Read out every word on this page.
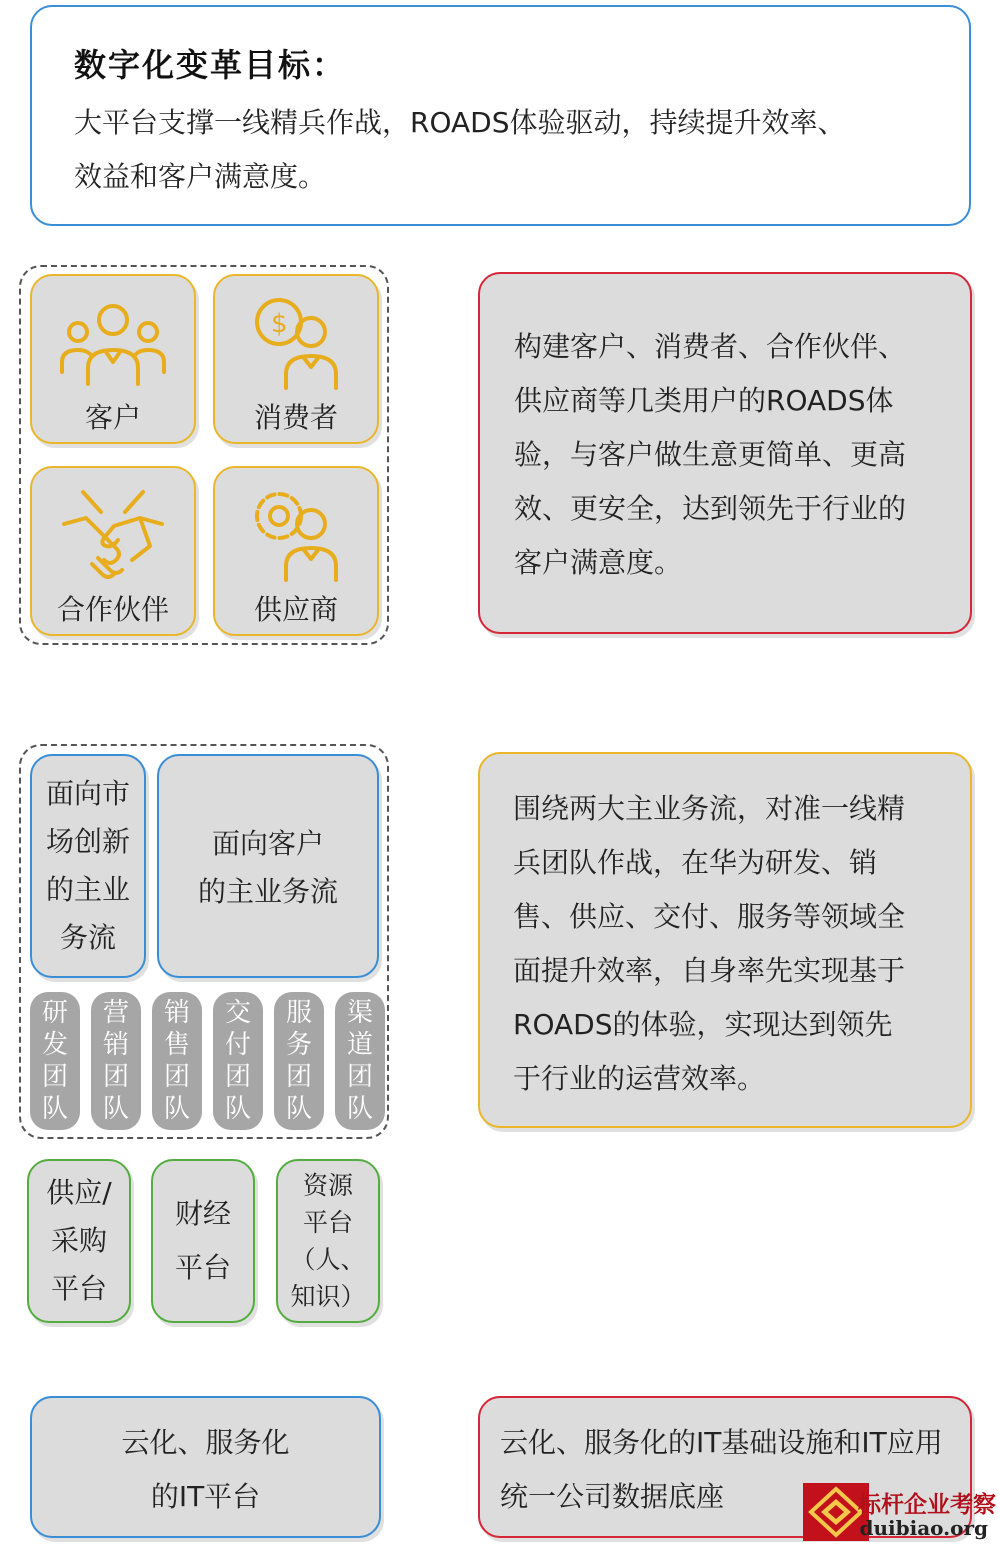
数字化变革目标：
大平台支撑一线精兵作战，ROADS体验驱动，持续提升效率、
效益和客户满意度。
客户
$
消费者
合作伙伴	供应商
构建客户、消费者、合作伙伴、
供应商等几类用户的ROADS体
验，与客户做生意更简单、更高
效、更安全，达到领先于行业的
客户满意度。
面向市
场创新
的主业
务流
面向客户
的主业务流
研
发
团
队
营
销
团
队
销
售
团
队
交
付
团
队
服
务
团
队
渠
道
团
队
供应/
采购
平台
财经
平台
资源
平台
（人、
知识）
围绕两大主业务流，对准一线精
兵团队作战，在华为研发、销
售、供应、交付、服务等领域全
面提升效率，自身率先实现基于
ROADS的体验，实现达到领先
于行业的运营效率。
云化、服务化
的IT平台
云化、服务化的IT基础设施和IT应用
统一公司数据底座	标杆企业考察
duibiao.org
